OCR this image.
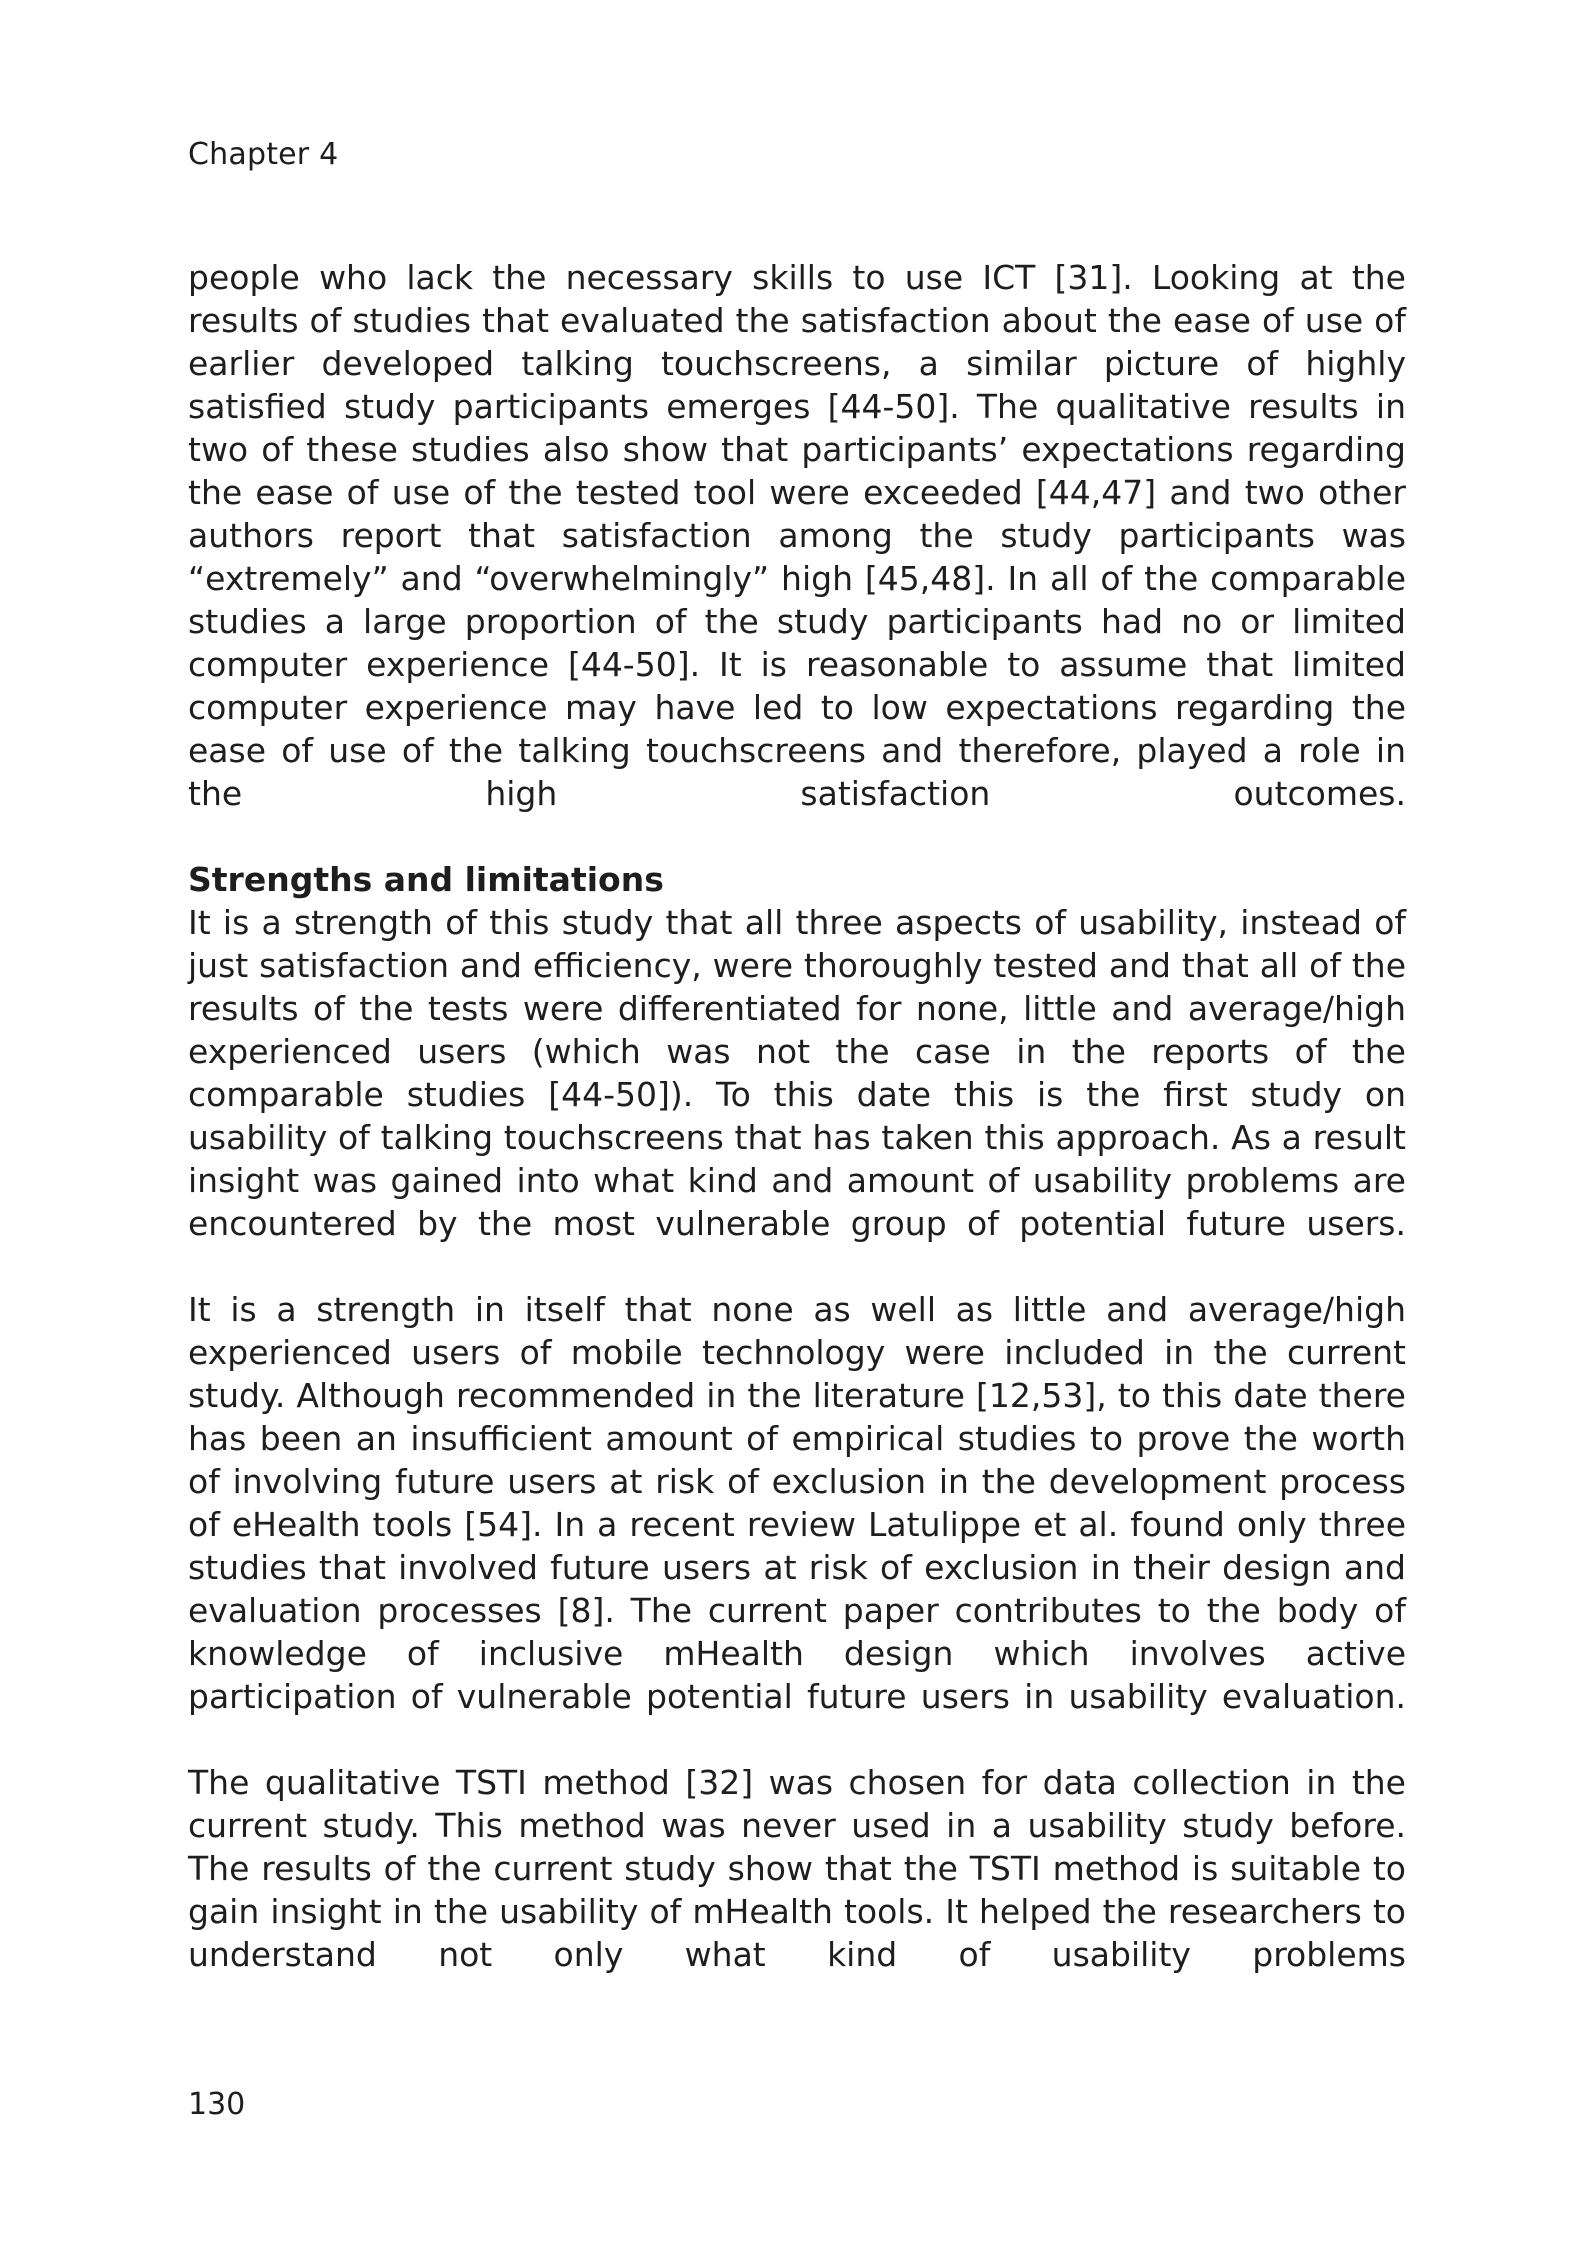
Chapter 4

people who lack the necessary skills to use ICT [31]. Looking at the results of studies that evaluated the satisfaction about the ease of use of earlier developed talking touchscreens, a similar picture of highly satisfied study participants emerges [44-50]. The qualitative results in two of these studies also show that participants’ expectations regarding the ease of use of the tested tool were exceeded [44,47] and two other authors report that satisfaction among the study participants was “extremely” and “overwhelmingly” high [45,48]. In all of the comparable studies a large proportion of the study participants had no or limited computer experience [44-50]. It is reasonable to assume that limited computer experience may have led to low expectations regarding the ease of use of the talking touchscreens and therefore, played a role in the high satisfaction outcomes.

Strengths and limitations

It is a strength of this study that all three aspects of usability, instead of just satisfaction and efficiency, were thoroughly tested and that all of the results of the tests were differentiated for none, little and average/high experienced users (which was not the case in the reports of the comparable studies [44-50]). To this date this is the first study on usability of talking touchscreens that has taken this approach. As a result insight was gained into what kind and amount of usability problems are encountered by the most vulnerable group of potential future users.

It is a strength in itself that none as well as little and average/high experienced users of mobile technology were included in the current study. Although recommended in the literature [12,53], to this date there has been an insufficient amount of empirical studies to prove the worth of involving future users at risk of exclusion in the development process of eHealth tools [54]. In a recent review Latulippe et al. found only three studies that involved future users at risk of exclusion in their design and evaluation processes [8]. The current paper contributes to the body of knowledge of inclusive mHealth design which involves active participation of vulnerable potential future users in usability evaluation.

The qualitative TSTI method [32] was chosen for data collection in the current study. This method was never used in a usability study before. The results of the current study show that the TSTI method is suitable to gain insight in the usability of mHealth tools. It helped the researchers to understand not only what kind of usability problems

130
